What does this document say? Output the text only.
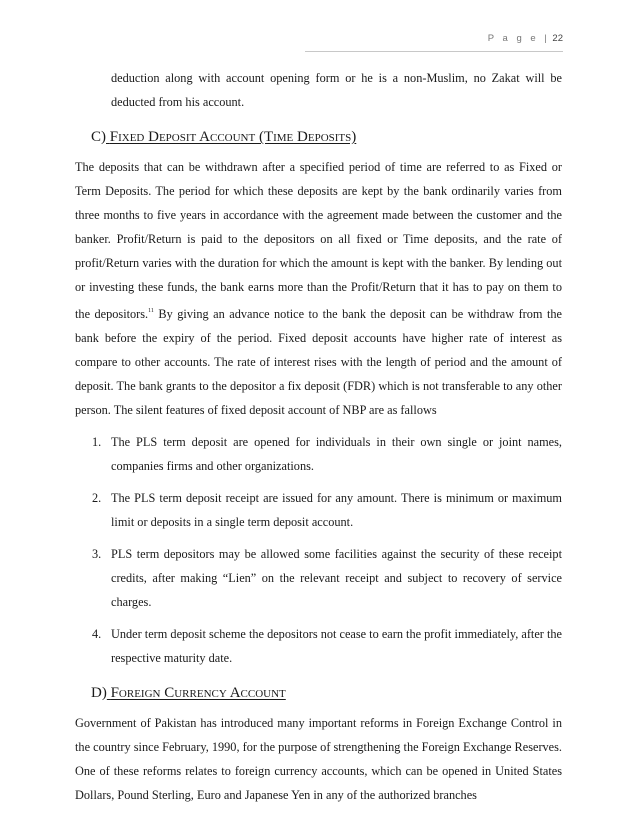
P a g e | 22

deduction along with account opening form or he is a non-Muslim, no Zakat will be deducted from his account.

C) Fixed Deposit Account (Time Deposits)

The deposits that can be withdrawn after a specified period of time are referred to as Fixed or Term Deposits. The period for which these deposits are kept by the bank ordinarily varies from three months to five years in accordance with the agreement made between the customer and the banker. Profit/Return is paid to the depositors on all fixed or Time deposits, and the rate of profit/Return varies with the duration for which the amount is kept with the banker. By lending out or investing these funds, the bank earns more than the Profit/Return that it has to pay on them to the depositors.$^{11}$ By giving an advance notice to the bank the deposit can be withdraw from the bank before the expiry of the period. Fixed deposit accounts have higher rate of interest as compare to other accounts. The rate of interest rises with the length of period and the amount of deposit. The bank grants to the depositor a fix deposit (FDR) which is not transferable to any other person. The silent features of fixed deposit account of NBP are as fallows

1. The PLS term deposit are opened for individuals in their own single or joint names, companies firms and other organizations.

2. The PLS term deposit receipt are issued for any amount. There is minimum or maximum limit or deposits in a single term deposit account.

3. PLS term depositors may be allowed some facilities against the security of these receipt credits, after making “Lien” on the relevant receipt and subject to recovery of service charges.

4. Under term deposit scheme the depositors not cease to earn the profit immediately, after the respective maturity date.

D) Foreign Currency Account

Government of Pakistan has introduced many important reforms in Foreign Exchange Control in the country since February, 1990, for the purpose of strengthening the Foreign Exchange Reserves. One of these reforms relates to foreign currency accounts, which can be opened in United States Dollars, Pound Sterling, Euro and Japanese Yen in any of the authorized branches
